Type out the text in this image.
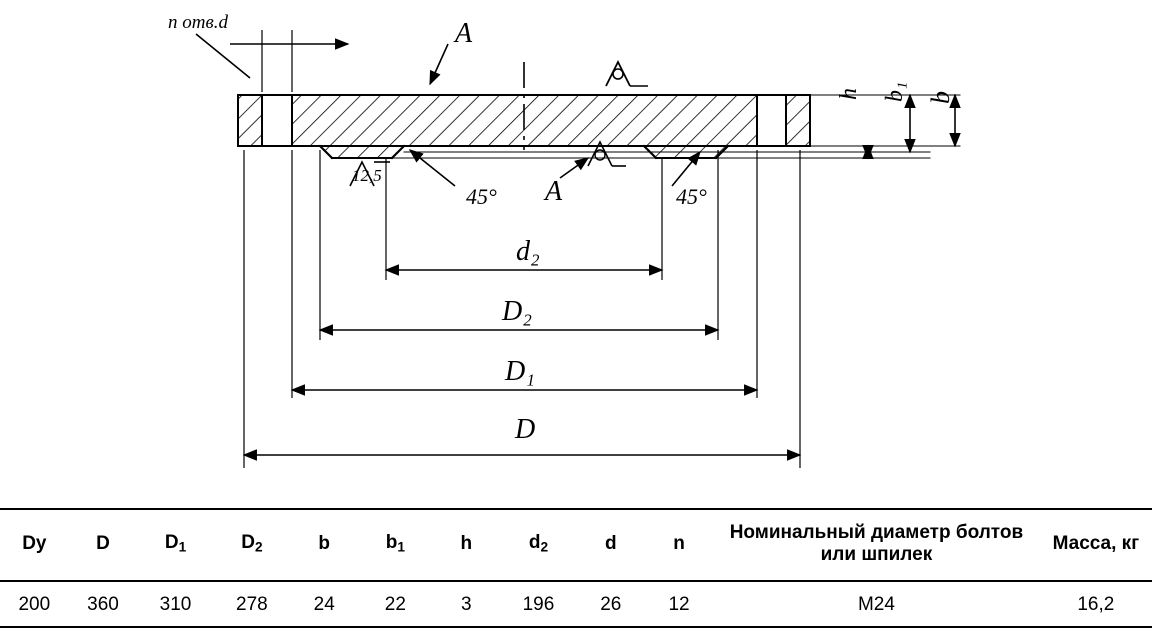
n отв.d	A
12,5
45°	45°
A
d₂
D₂
D₁
D
h b₁ b
Dy	D	$D_1$	$D_2$	b	$b_1$	h	$d_2$	d	n	Номинальный диаметр болтов или шпилек	Масса, кг
200	360	310	278	24	22	3	196	26	12	М24	16,2
